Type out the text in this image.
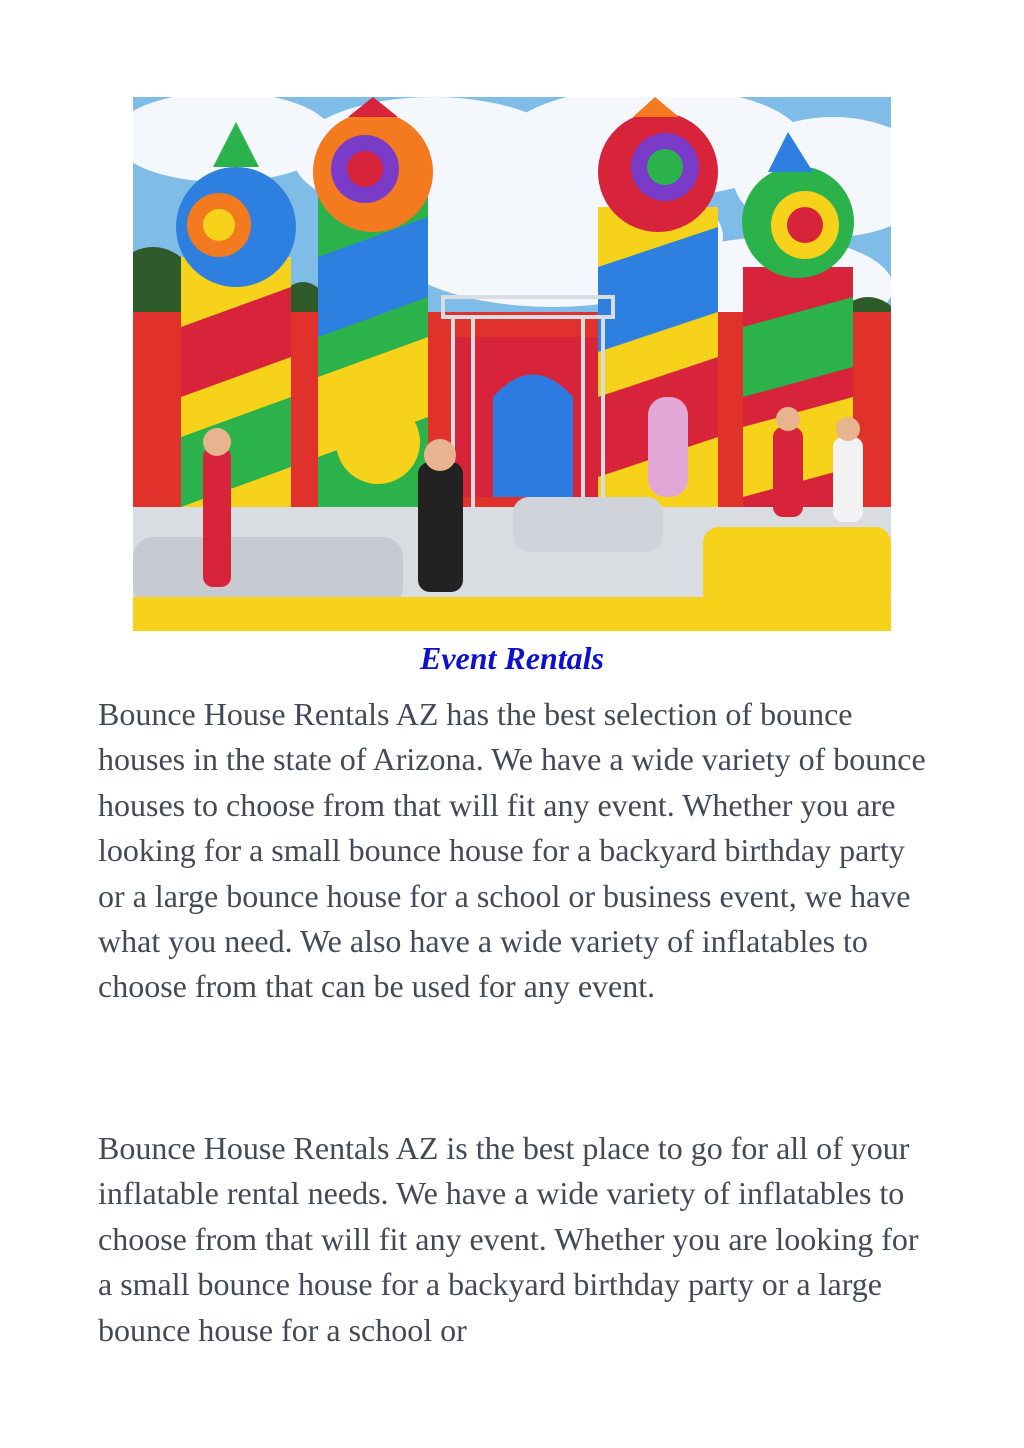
Event Rentals

Bounce House Rentals AZ has the best selection of bounce houses in the state of Arizona. We have a wide variety of bounce houses to choose from that will fit any event. Whether you are looking for a small bounce house for a backyard birthday party or a large bounce house for a school or business event, we have what you need. We also have a wide variety of inflatables to choose from that can be used for any event.

Bounce House Rentals AZ is the best place to go for all of your inflatable rental needs. We have a wide variety of inflatables to choose from that will fit any event. Whether you are looking for a small bounce house for a backyard birthday party or a large bounce house for a school or
